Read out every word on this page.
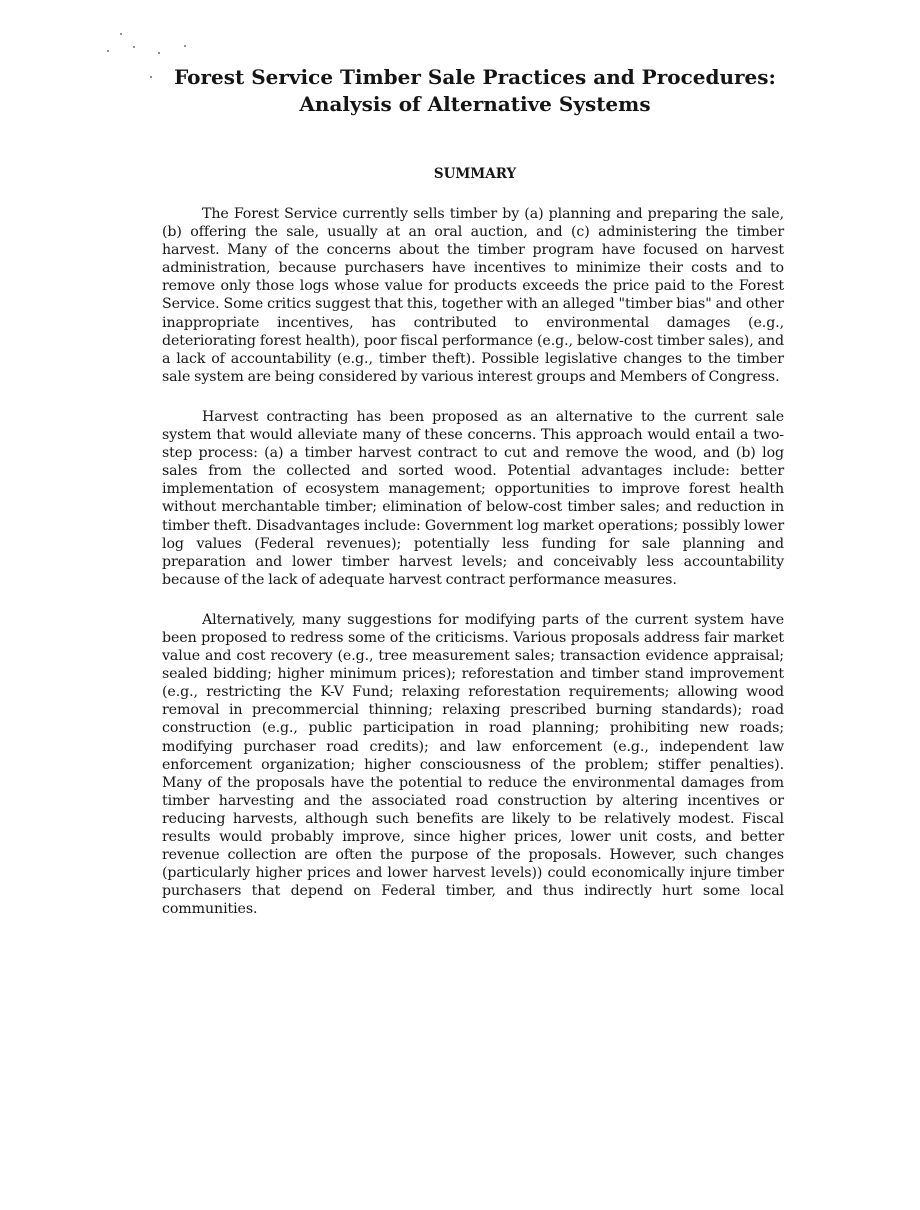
Forest Service Timber Sale Practices and Procedures:
Analysis of Alternative Systems
SUMMARY

The Forest Service currently sells timber by (a) planning and preparing the sale, (b) offering the sale, usually at an oral auction, and (c) administering the timber harvest. Many of the concerns about the timber program have focused on harvest administration, because purchasers have incentives to minimize their costs and to remove only those logs whose value for products exceeds the price paid to the Forest Service. Some critics suggest that this, together with an alleged "timber bias" and other inappropriate incentives, has contributed to environmental damages (e.g., deteriorating forest health), poor fiscal performance (e.g., below-cost timber sales), and a lack of accountability (e.g., timber theft). Possible legislative changes to the timber sale system are being considered by various interest groups and Members of Congress.

Harvest contracting has been proposed as an alternative to the current sale system that would alleviate many of these concerns. This approach would entail a two-step process: (a) a timber harvest contract to cut and remove the wood, and (b) log sales from the collected and sorted wood. Potential advantages include: better implementation of ecosystem management; opportunities to improve forest health without merchantable timber; elimination of below-cost timber sales; and reduction in timber theft. Disadvantages include: Government log market operations; possibly lower log values (Federal revenues); potentially less funding for sale planning and preparation and lower timber harvest levels; and conceivably less accountability because of the lack of adequate harvest contract performance measures.

Alternatively, many suggestions for modifying parts of the current system have been proposed to redress some of the criticisms. Various proposals address fair market value and cost recovery (e.g., tree measurement sales; transaction evidence appraisal; sealed bidding; higher minimum prices); reforestation and timber stand improvement (e.g., restricting the K-V Fund; relaxing reforestation requirements; allowing wood removal in precommercial thinning; relaxing prescribed burning standards); road construction (e.g., public participation in road planning; prohibiting new roads; modifying purchaser road credits); and law enforcement (e.g., independent law enforcement organization; higher consciousness of the problem; stiffer penalties). Many of the proposals have the potential to reduce the environmental damages from timber harvesting and the associated road construction by altering incentives or reducing harvests, although such benefits are likely to be relatively modest. Fiscal results would probably improve, since higher prices, lower unit costs, and better revenue collection are often the purpose of the proposals. However, such changes (particularly higher prices and lower harvest levels)) could economically injure timber purchasers that depend on Federal timber, and thus indirectly hurt some local communities.
